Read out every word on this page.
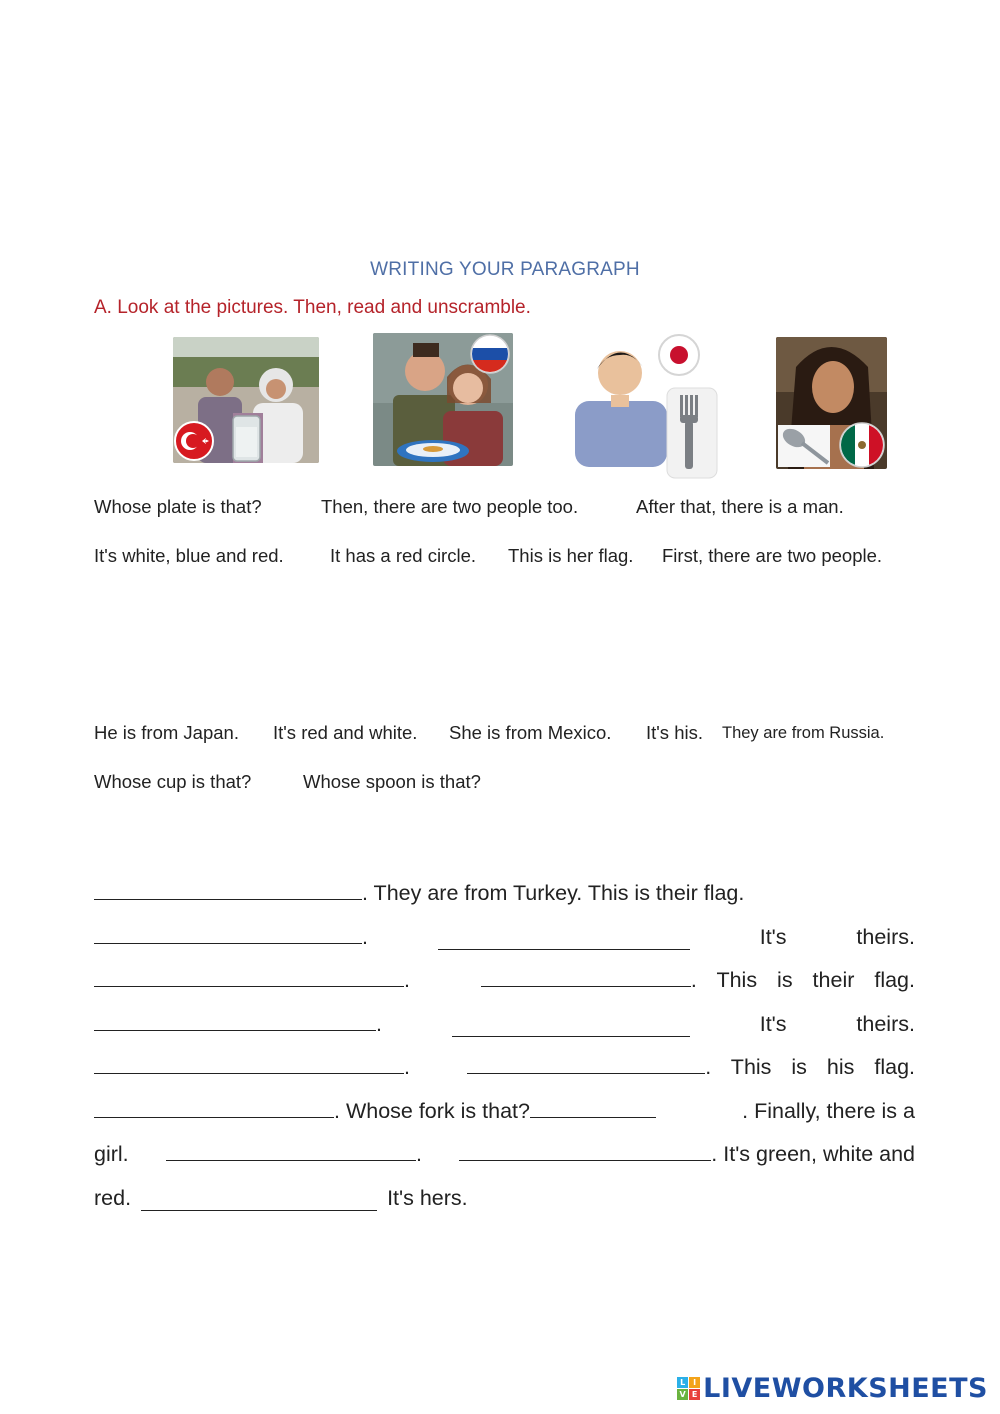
WRITING YOUR PARAGRAPH
A. Look at the pictures. Then, read and unscramble.
Whose plate is that?	Then, there are two people too.	After that, there is a man.
It's white, blue and red.	It has a red circle. This is her flag. First, there are two people.
He is from Japan. It's red and white. She is from Mexico. It's his. They are from Russia.
Whose cup is that?	Whose spoon is that?
. They are from Turkey. This is their flag.
.	It's	theirs.
.	. This is their flag.
.	It's	theirs.
.	. This is his flag.
. Whose fork is that?	. Finally, there is a
girl.	.	. It's green, white and
red.	It's hers.
L I
V E LIVEWORKSHEETS
